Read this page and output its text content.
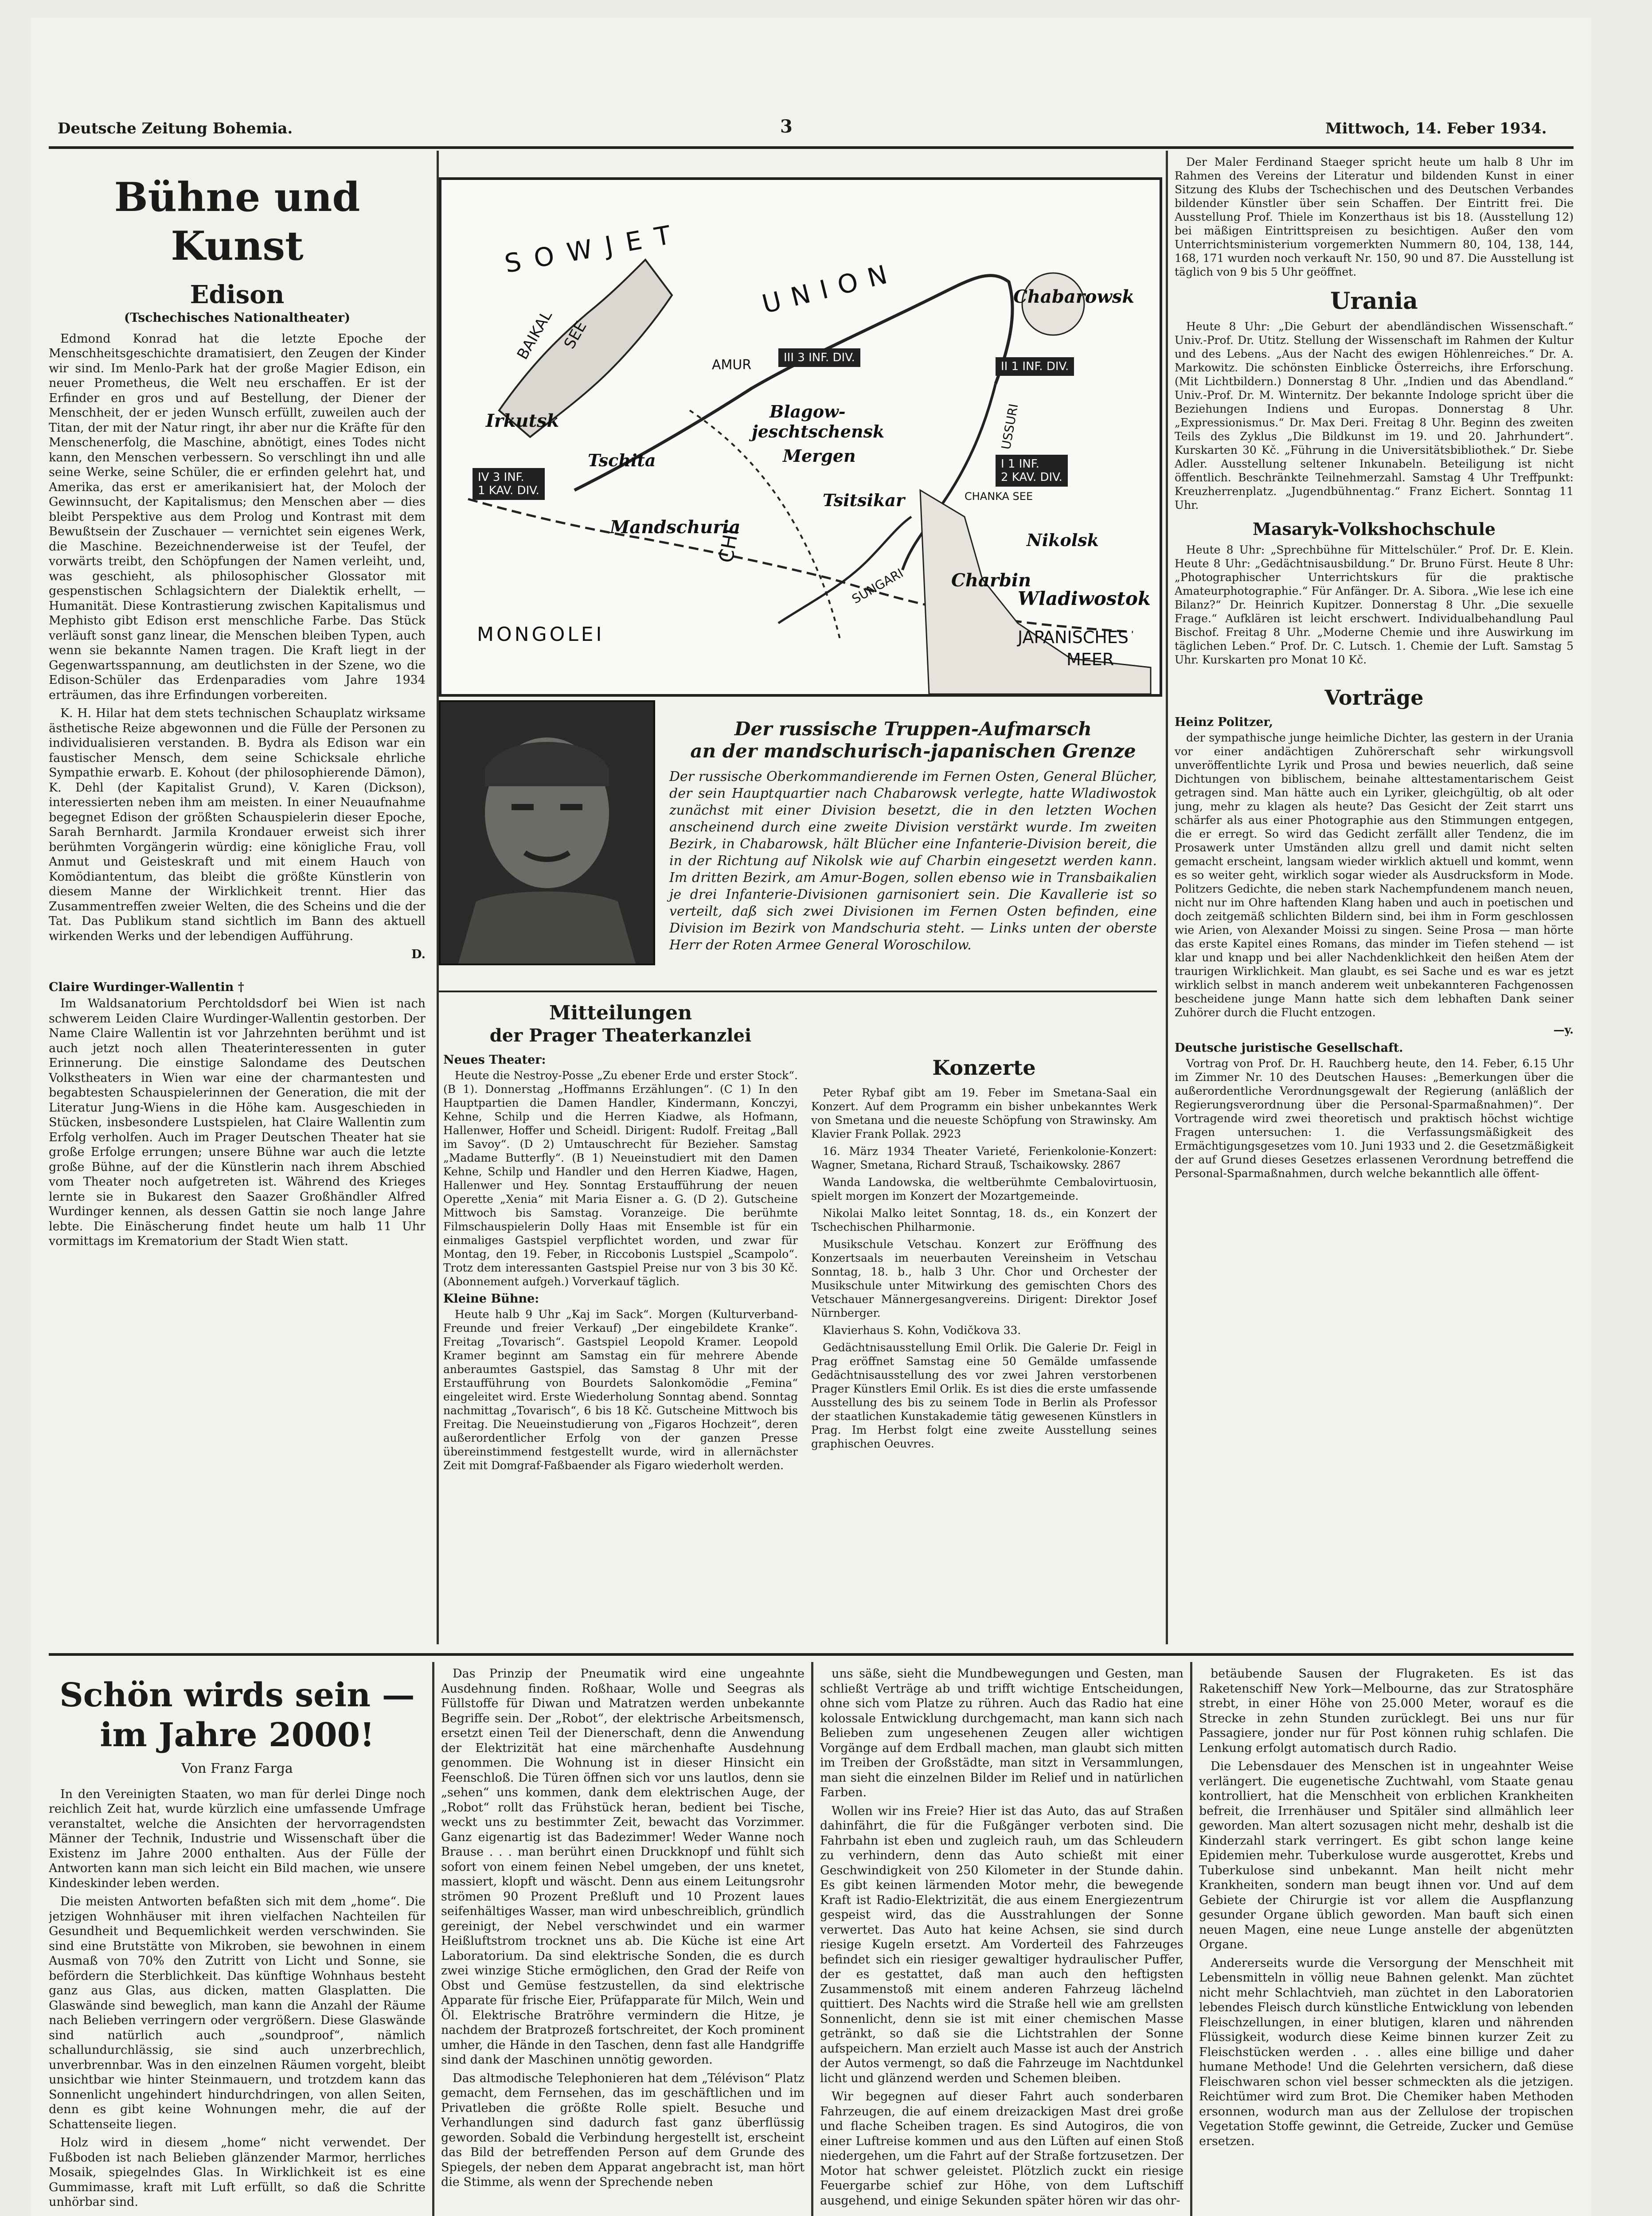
Deutsche Zeitung Bohemia.	3	Mittwoch, 14. Feber 1934.
Bühne und Kunst
Edison
(Tschechisches Nationaltheater)

Edmond Konrad hat die letzte Epoche der Menschheitsgeschichte dramatisiert, den Zeugen der Kinder wir sind. Im Menlo-Park hat der große Magier Edison, ein neuer Prometheus, die Welt neu erschaffen. Er ist der Erfinder en gros und auf Bestellung, der Diener der Menschheit, der er jeden Wunsch erfüllt, zuweilen auch der Titan, der mit der Natur ringt, ihr aber nur die Kräfte für den Menschenerfolg, die Maschine, abnötigt, eines Todes nicht kann, den Menschen verbessern. So verschlingt ihn und alle seine Werke, seine Schüler, die er erfinden gelehrt hat, und Amerika, das erst er amerikanisiert hat, der Moloch der Gewinnsucht, der Kapitalismus; den Menschen aber — dies bleibt Perspektive aus dem Prolog und Kontrast mit dem Bewußtsein der Zuschauer — vernichtet sein eigenes Werk, die Maschine. Bezeichnenderweise ist der Teufel, der vorwärts treibt, den Schöpfungen der Namen verleiht, und, was geschieht, als philosophischer Glossator mit gespenstischen Schlagsichtern der Dialektik erhellt, — Humanität. Diese Kontrastierung zwischen Kapitalismus und Mephisto gibt Edison erst menschliche Farbe. Das Stück verläuft sonst ganz linear, die Menschen bleiben Typen, auch wenn sie bekannte Namen tragen. Die Kraft liegt in der Gegenwartsspannung, am deutlichsten in der Szene, wo die Edison-Schüler das Erdenparadies vom Jahre 1934 erträumen, das ihre Erfindungen vorbereiten.

K. H. Hilar hat dem stets technischen Schauplatz wirksame ästhetische Reize abgewonnen und die Fülle der Personen zu individualisieren verstanden. B. Bydra als Edison war ein faustischer Mensch, dem seine Schicksale ehrliche Sympathie erwarb. E. Kohout (der philosophierende Dämon), K. Dehl (der Kapitalist Grund), V. Karen (Dickson), interessierten neben ihm am meisten. In einer Neuaufnahme begegnet Edison der größten Schauspielerin dieser Epoche, Sarah Bernhardt. Jarmila Krondauer erweist sich ihrer berühmten Vorgängerin würdig: eine königliche Frau, voll Anmut und Geisteskraft und mit einem Hauch von Komödiantentum, das bleibt die größte Künstlerin von diesem Manne der Wirklichkeit trennt. Hier das Zusammentreffen zweier Welten, die des Scheins und die der Tat. Das Publikum stand sichtlich im Bann des aktuell wirkenden Werks und der lebendigen Aufführung.

D.
Claire Wurdinger-Wallentin †

Im Waldsanatorium Perchtoldsdorf bei Wien ist nach schwerem Leiden Claire Wurdinger-Wallentin gestorben. Der Name Claire Wallentin ist vor Jahrzehnten berühmt und ist auch jetzt noch allen Theaterinteressenten in guter Erinnerung. Die einstige Salondame des Deutschen Volkstheaters in Wien war eine der charmantesten und begabtesten Schauspielerinnen der Generation, die mit der Literatur Jung-Wiens in die Höhe kam. Ausgeschieden in Stücken, insbesondere Lustspielen, hat Claire Wallentin zum Erfolg verholfen. Auch im Prager Deutschen Theater hat sie große Erfolge errungen; unsere Bühne war auch die letzte große Bühne, auf der die Künstlerin nach ihrem Abschied vom Theater noch aufgetreten ist. Während des Krieges lernte sie in Bukarest den Saazer Großhändler Alfred Wurdinger kennen, als dessen Gattin sie noch lange Jahre lebte. Die Einäscherung findet heute um halb 11 Uhr vormittags im Krematorium der Stadt Wien statt.

SOWJET
UNION
BAIKAL SEE
Irkutsk
Tschita
Mandschuria
AMUR
Blagow-
jeschtschensk
Mergen
Tsitsikar
Chabarowsk
USSURI
CHANKA SEE
Nikolsk
Charbin
SUNGARI	Wladiwostok
MONGOLEI
CHI
JAPANISCHES
MEER
III 3 INF. DIV.
II 1 INF. DIV.
IV 3 INF.
1 KAV. DIV.
I 1 INF.
2 KAV. DIV.
Der russische Truppen-Aufmarsch
an der mandschurisch-japanischen Grenze
Der russische Oberkommandierende im Fernen Osten, General Blücher, der sein Hauptquartier nach Chabarowsk verlegte, hatte Wladiwostok zunächst mit einer Division besetzt, die in den letzten Wochen anscheinend durch eine zweite Division verstärkt wurde. Im zweiten Bezirk, in Chabarowsk, hält Blücher eine Infanterie-Division bereit, die in der Richtung auf Nikolsk wie auf Charbin eingesetzt werden kann. Im dritten Bezirk, am Amur-Bogen, sollen ebenso wie in Transbaikalien je drei Infanterie-Divisionen garnisoniert sein. Die Kavallerie ist so verteilt, daß sich zwei Divisionen im Fernen Osten befinden, eine Division im Bezirk von Mandschuria steht. — Links unten der oberste Herr der Roten Armee General Woroschilow.
Mitteilungen
der Prager Theaterkanzlei
Neues Theater:

Heute die Nestroy-Posse „Zu ebener Erde und erster Stock“. (B 1). Donnerstag „Hoffmanns Erzählungen“. (C 1) In den Hauptpartien die Damen Handler, Kindermann, Konczyi, Kehne, Schilp und die Herren Kiadwe, als Hofmann, Hallenwer, Hoffer und Scheidl. Dirigent: Rudolf. Freitag „Ball im Savoy“. (D 2) Umtauschrecht für Bezieher. Samstag „Madame Butterfly“. (B 1) Neueinstudiert mit den Damen Kehne, Schilp und Handler und den Herren Kiadwe, Hagen, Hallenwer und Hey. Sonntag Erstaufführung der neuen Operette „Xenia“ mit Maria Eisner a. G. (D 2). Gutscheine Mittwoch bis Samstag. Voranzeige. Die berühmte Filmschauspielerin Dolly Haas mit Ensemble ist für ein einmaliges Gastspiel verpflichtet worden, und zwar für Montag, den 19. Feber, in Riccobonis Lustspiel „Scampolo“. Trotz dem interessanten Gastspiel Preise nur von 3 bis 30 Kč. (Abonnement aufgeh.) Vorverkauf täglich.

Kleine Bühne:

Heute halb 9 Uhr „Kaj im Sack“. Morgen (Kulturverband-Freunde und freier Verkauf) „Der eingebildete Kranke“. Freitag „Tovarisch“. Gastspiel Leopold Kramer. Leopold Kramer beginnt am Samstag ein für mehrere Abende anberaumtes Gastspiel, das Samstag 8 Uhr mit der Erstaufführung von Bourdets Salonkomödie „Femina“ eingeleitet wird. Erste Wiederholung Sonntag abend. Sonntag nachmittag „Tovarisch“, 6 bis 18 Kč. Gutscheine Mittwoch bis Freitag. Die Neueinstudierung von „Figaros Hochzeit“, deren außerordentlicher Erfolg von der ganzen Presse übereinstimmend festgestellt wurde, wird in allernächster Zeit mit Domgraf-Faßbaender als Figaro wiederholt werden.

Konzerte

Peter Rybaf gibt am 19. Feber im Smetana-Saal ein Konzert. Auf dem Programm ein bisher unbekanntes Werk von Smetana und die neueste Schöpfung von Strawinsky. Am Klavier Frank Pollak. 2923

16. März 1934 Theater Varieté, Ferienkolonie-Konzert: Wagner, Smetana, Richard Strauß, Tschaikowsky. 2867

Wanda Landowska, die weltberühmte Cembalovirtuosin, spielt morgen im Konzert der Mozartgemeinde.

Nikolai Malko leitet Sonntag, 18. ds., ein Konzert der Tschechischen Philharmonie.

Musikschule Vetschau. Konzert zur Eröffnung des Konzertsaals im neuerbauten Vereinsheim in Vetschau Sonntag, 18. b., halb 3 Uhr. Chor und Orchester der Musikschule unter Mitwirkung des gemischten Chors des Vetschauer Männergesangvereins. Dirigent: Direktor Josef Nürnberger.

Klavierhaus S. Kohn, Vodičkova 33.

Gedächtnisausstellung Emil Orlik. Die Galerie Dr. Feigl in Prag eröffnet Samstag eine 50 Gemälde umfassende Gedächtnisausstellung des vor zwei Jahren verstorbenen Prager Künstlers Emil Orlik. Es ist dies die erste umfassende Ausstellung des bis zu seinem Tode in Berlin als Professor der staatlichen Kunstakademie tätig gewesenen Künstlers in Prag. Im Herbst folgt eine zweite Ausstellung seines graphischen Oeuvres.

Der Maler Ferdinand Staeger spricht heute um halb 8 Uhr im Rahmen des Vereins der Literatur und bildenden Kunst in einer Sitzung des Klubs der Tschechischen und des Deutschen Verbandes bildender Künstler über sein Schaffen. Der Eintritt frei. Die Ausstellung Prof. Thiele im Konzerthaus ist bis 18. (Ausstellung 12) bei mäßigen Eintrittspreisen zu besichtigen. Außer den vom Unterrichtsministerium vorgemerkten Nummern 80, 104, 138, 144, 168, 171 wurden noch verkauft Nr. 150, 90 und 87. Die Ausstellung ist täglich von 9 bis 5 Uhr geöffnet.

Urania

Heute 8 Uhr: „Die Geburt der abendländischen Wissenschaft.“ Univ.-Prof. Dr. Utitz. Stellung der Wissenschaft im Rahmen der Kultur und des Lebens. „Aus der Nacht des ewigen Höhlenreiches.“ Dr. A. Markowitz. Die schönsten Einblicke Österreichs, ihre Erforschung. (Mit Lichtbildern.) Donnerstag 8 Uhr. „Indien und das Abendland.“ Univ.-Prof. Dr. M. Winternitz. Der bekannte Indologe spricht über die Beziehungen Indiens und Europas. Donnerstag 8 Uhr. „Expressionismus.“ Dr. Max Deri. Freitag 8 Uhr. Beginn des zweiten Teils des Zyklus „Die Bildkunst im 19. und 20. Jahrhundert“. Kurskarten 30 Kč. „Führung in die Universitätsbibliothek.“ Dr. Siebe Adler. Ausstellung seltener Inkunabeln. Beteiligung ist nicht öffentlich. Beschränkte Teilnehmerzahl. Samstag 4 Uhr Treffpunkt: Kreuzherrenplatz. „Jugendbühnentag.“ Franz Eichert. Sonntag 11 Uhr.

Masaryk-Volkshochschule

Heute 8 Uhr: „Sprechbühne für Mittelschüler.“ Prof. Dr. E. Klein. Heute 8 Uhr: „Gedächtnisausbildung.“ Dr. Bruno Fürst. Heute 8 Uhr: „Photographischer Unterrichtskurs für die praktische Amateurphotographie.“ Für Anfänger. Dr. A. Sibora. „Wie lese ich eine Bilanz?“ Dr. Heinrich Kupitzer. Donnerstag 8 Uhr. „Die sexuelle Frage.“ Aufklären ist leicht erschwert. Individualbehandlung Paul Bischof. Freitag 8 Uhr. „Moderne Chemie und ihre Auswirkung im täglichen Leben.“ Prof. Dr. C. Lutsch. 1. Chemie der Luft. Samstag 5 Uhr. Kurskarten pro Monat 10 Kč.

Vorträge
Heinz Politzer,

der sympathische junge heimliche Dichter, las gestern in der Urania vor einer andächtigen Zuhörerschaft sehr wirkungsvoll unveröffentlichte Lyrik und Prosa und bewies neuerlich, daß seine Dichtungen von biblischem, beinahe alttestamentarischem Geist getragen sind. Man hätte auch ein Lyriker, gleichgültig, ob alt oder jung, mehr zu klagen als heute? Das Gesicht der Zeit starrt uns schärfer als aus einer Photographie aus den Stimmungen entgegen, die er erregt. So wird das Gedicht zerfällt aller Tendenz, die im Prosawerk unter Umständen allzu grell und damit nicht selten gemacht erscheint, langsam wieder wirklich aktuell und kommt, wenn es so weiter geht, wirklich sogar wieder als Ausdrucksform in Mode. Politzers Gedichte, die neben stark Nachempfundenem manch neuen, nicht nur im Ohre haftenden Klang haben und auch in poetischen und doch zeitgemäß schlichten Bildern sind, bei ihm in Form geschlossen wie Arien, von Alexander Moissi zu singen. Seine Prosa — man hörte das erste Kapitel eines Romans, das minder im Tiefen stehend — ist klar und knapp und bei aller Nachdenklichkeit den heißen Atem der traurigen Wirklichkeit. Man glaubt, es sei Sache und es war es jetzt wirklich selbst in manch anderem weit unbekannteren Fachgenossen bescheidene junge Mann hatte sich dem lebhaften Dank seiner Zuhörer durch die Flucht entzogen.

—y.
Deutsche juristische Gesellschaft.

Vortrag von Prof. Dr. H. Rauchberg heute, den 14. Feber, 6.15 Uhr im Zimmer Nr. 10 des Deutschen Hauses: „Bemerkungen über die außerordentliche Verordnungsgewalt der Regierung (anläßlich der Regierungsverordnung über die Personal-Sparmaßnahmen)“. Der Vortragende wird zwei theoretisch und praktisch höchst wichtige Fragen untersuchen: 1. die Verfassungsmäßigkeit des Ermächtigungsgesetzes vom 10. Juni 1933 und 2. die Gesetzmäßigkeit der auf Grund dieses Gesetzes erlassenen Verordnung betreffend die Personal-Sparmaßnahmen, durch welche bekanntlich alle öffent-

Schön wirds sein —
im Jahre 2000!
Von Franz Farga

In den Vereinigten Staaten, wo man für derlei Dinge noch reichlich Zeit hat, wurde kürzlich eine umfassende Umfrage veranstaltet, welche die Ansichten der hervorragendsten Männer der Technik, Industrie und Wissenschaft über die Existenz im Jahre 2000 enthalten. Aus der Fülle der Antworten kann man sich leicht ein Bild machen, wie unsere Kindeskinder leben werden.

Die meisten Antworten befaßten sich mit dem „home“. Die jetzigen Wohnhäuser mit ihren vielfachen Nachteilen für Gesundheit und Bequemlichkeit werden verschwinden. Sie sind eine Brutstätte von Mikroben, sie bewohnen in einem Ausmaß von 70% den Zutritt von Licht und Sonne, sie befördern die Sterblichkeit. Das künftige Wohnhaus besteht ganz aus Glas, aus dicken, matten Glasplatten. Die Glaswände sind beweglich, man kann die Anzahl der Räume nach Belieben verringern oder vergrößern. Diese Glaswände sind natürlich auch „soundproof“, nämlich schallundurchlässig, sie sind auch unzerbrechlich, unverbrennbar. Was in den einzelnen Räumen vorgeht, bleibt unsichtbar wie hinter Steinmauern, und trotzdem kann das Sonnenlicht ungehindert hindurchdringen, von allen Seiten, denn es gibt keine Wohnungen mehr, die auf der Schattenseite liegen.

Holz wird in diesem „home“ nicht verwendet. Der Fußboden ist nach Belieben glänzender Marmor, herrliches Mosaik, spiegelndes Glas. In Wirklichkeit ist es eine Gummimasse, kraft mit Luft erfüllt, so daß die Schritte unhörbar sind.

Das Prinzip der Pneumatik wird eine ungeahnte Ausdehnung finden. Roßhaar, Wolle und Seegras als Füllstoffe für Diwan und Matratzen werden unbekannte Begriffe sein. Der „Robot“, der elektrische Arbeitsmensch, ersetzt einen Teil der Dienerschaft, denn die Anwendung der Elektrizität hat eine märchenhafte Ausdehnung genommen. Die Wohnung ist in dieser Hinsicht ein Feenschloß. Die Türen öffnen sich vor uns lautlos, denn sie „sehen“ uns kommen, dank dem elektrischen Auge, der „Robot“ rollt das Frühstück heran, bedient bei Tische, weckt uns zu bestimmter Zeit, bewacht das Vorzimmer. Ganz eigenartig ist das Badezimmer! Weder Wanne noch Brause . . . man berührt einen Druckknopf und fühlt sich sofort von einem feinen Nebel umgeben, der uns knetet, massiert, klopft und wäscht. Denn aus einem Leitungsrohr strömen 90 Prozent Preßluft und 10 Prozent laues seifenhältiges Wasser, man wird unbeschreiblich, gründlich gereinigt, der Nebel verschwindet und ein warmer Heißluftstrom trocknet uns ab. Die Küche ist eine Art Laboratorium. Da sind elektrische Sonden, die es durch zwei winzige Stiche ermöglichen, den Grad der Reife von Obst und Gemüse festzustellen, da sind elektrische Apparate für frische Eier, Prüfapparate für Milch, Wein und Öl. Elektrische Bratröhre vermindern die Hitze, je nachdem der Bratprozeß fortschreitet, der Koch prominent umher, die Hände in den Taschen, denn fast alle Handgriffe sind dank der Maschinen unnötig geworden.

Das altmodische Telephonieren hat dem „Télévison“ Platz gemacht, dem Fernsehen, das im geschäftlichen und im Privatleben die größte Rolle spielt. Besuche und Verhandlungen sind dadurch fast ganz überflüssig geworden. Sobald die Verbindung hergestellt ist, erscheint das Bild der betreffenden Person auf dem Grunde des Spiegels, der neben dem Apparat angebracht ist, man hört die Stimme, als wenn der Sprechende neben

uns säße, sieht die Mundbewegungen und Gesten, man schließt Verträge ab und trifft wichtige Entscheidungen, ohne sich vom Platze zu rühren. Auch das Radio hat eine kolossale Entwicklung durchgemacht, man kann sich nach Belieben zum ungesehenen Zeugen aller wichtigen Vorgänge auf dem Erdball machen, man glaubt sich mitten im Treiben der Großstädte, man sitzt in Versammlungen, man sieht die einzelnen Bilder im Relief und in natürlichen Farben.

Wollen wir ins Freie? Hier ist das Auto, das auf Straßen dahinfährt, die für die Fußgänger verboten sind. Die Fahrbahn ist eben und zugleich rauh, um das Schleudern zu verhindern, denn das Auto schießt mit einer Geschwindigkeit von 250 Kilometer in der Stunde dahin. Es gibt keinen lärmenden Motor mehr, die bewegende Kraft ist Radio-Elektrizität, die aus einem Energiezentrum gespeist wird, das die Ausstrahlungen der Sonne verwertet. Das Auto hat keine Achsen, sie sind durch riesige Kugeln ersetzt. Am Vorderteil des Fahrzeuges befindet sich ein riesiger gewaltiger hydraulischer Puffer, der es gestattet, daß man auch den heftigsten Zusammenstoß mit einem anderen Fahrzeug lächelnd quittiert. Des Nachts wird die Straße hell wie am grellsten Sonnenlicht, denn sie ist mit einer chemischen Masse getränkt, so daß sie die Lichtstrahlen der Sonne aufspeichern. Man erzielt auch Masse ist auch der Anstrich der Autos vermengt, so daß die Fahrzeuge im Nachtdunkel licht und glänzend werden und Schemen bleiben.

Wir begegnen auf dieser Fahrt auch sonderbaren Fahrzeugen, die auf einem dreizackigen Mast drei große und flache Scheiben tragen. Es sind Autogiros, die von einer Luftreise kommen und aus den Lüften auf einen Stoß niedergehen, um die Fahrt auf der Straße fortzusetzen. Der Motor hat schwer geleistet. Plötzlich zuckt ein riesige Feuergarbe schief zur Höhe, von dem Luftschiff ausgehend, und einige Sekunden später hören wir das ohr-

betäubende Sausen der Flugraketen. Es ist das Raketenschiff New York—Melbourne, das zur Stratosphäre strebt, in einer Höhe von 25.000 Meter, worauf es die Strecke in zehn Stunden zurücklegt. Bei uns nur für Passagiere, jonder nur für Post können ruhig schlafen. Die Lenkung erfolgt automatisch durch Radio.

Die Lebensdauer des Menschen ist in ungeahnter Weise verlängert. Die eugenetische Zuchtwahl, vom Staate genau kontrolliert, hat die Menschheit von erblichen Krankheiten befreit, die Irrenhäuser und Spitäler sind allmählich leer geworden. Man altert sozusagen nicht mehr, deshalb ist die Kinderzahl stark verringert. Es gibt schon lange keine Epidemien mehr. Tuberkulose wurde ausgerottet, Krebs und Tuberkulose sind unbekannt. Man heilt nicht mehr Krankheiten, sondern man beugt ihnen vor. Und auf dem Gebiete der Chirurgie ist vor allem die Auspflanzung gesunder Organe üblich geworden. Man bauft sich einen neuen Magen, eine neue Lunge anstelle der abgenützten Organe.

Andererseits wurde die Versorgung der Menschheit mit Lebensmitteln in völlig neue Bahnen gelenkt. Man züchtet nicht mehr Schlachtvieh, man züchtet in den Laboratorien lebendes Fleisch durch künstliche Entwicklung von lebenden Fleischzellungen, in einer blutigen, klaren und nährenden Flüssigkeit, wodurch diese Keime binnen kurzer Zeit zu Fleischstücken werden . . . alles eine billige und daher humane Methode! Und die Gelehrten versichern, daß diese Fleischwaren schon viel besser schmeckten als die jetzigen. Reichtümer wird zum Brot. Die Chemiker haben Methoden ersonnen, wodurch man aus der Zellulose der tropischen Vegetation Stoffe gewinnt, die Getreide, Zucker und Gemüse ersetzen.
